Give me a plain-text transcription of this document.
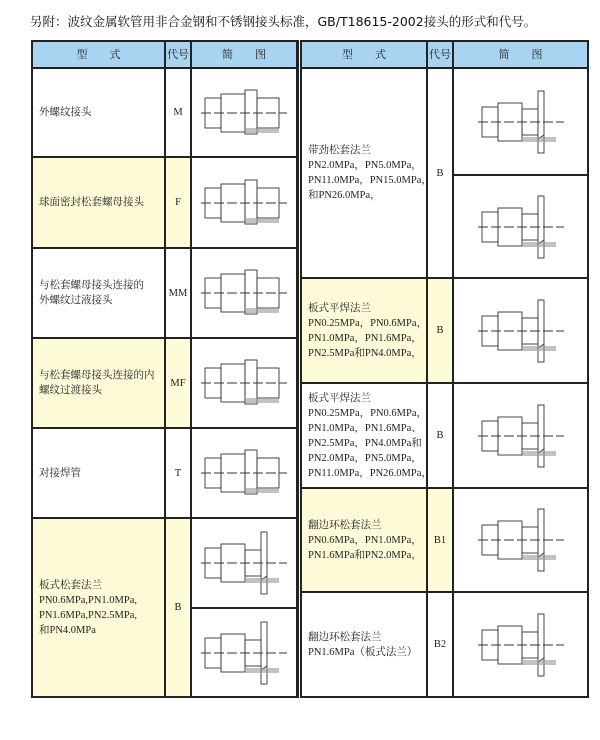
另附：波纹金属软管用非合金钢和不锈钢接头标准，GB/T18615-2002接头的形式和代号。
型　　式	代号	简　　图	型　　式	代号	简　　图
外螺纹接头	M
球面密封松套螺母接头	F
与松套螺母接头连接的
外螺纹过液接头
MM
与松套螺母接头连接的内
螺纹过渡接头
MF
对接焊管	T
板式松套法兰
PN0.6MPa,PN1.0MPa,
PN1.6MPa,PN2.5MPa,
和PN4.0MPa
B
带劲松套法兰
PN2.0MPa，PN5.0MPa，
PN11.0MPa，PN15.0MPa，
和PN26.0MPa，
B
板式平焊法兰
PN0.25MPa，PN0.6MPa，
PN1.0MPa，PN1.6MPa，
PN2.5MPa和PN4.0MPa，
B
板式平焊法兰
PN0.25MPa，PN0.6MPa，
PN1.0MPa，PN1.6MPa、
PN2.5MPa，PN4.0MPa和
PN2.0MPa，PN5.0MPa，
PN11.0MPa，PN26.0MPa，
B
翻边环松套法兰
PN0.6MPa，PN1.0MPa，
PN1.6MPa和PN2.0MPa，
B1
翻边环松套法兰
PN1.6MPa（板式法兰）
B2
